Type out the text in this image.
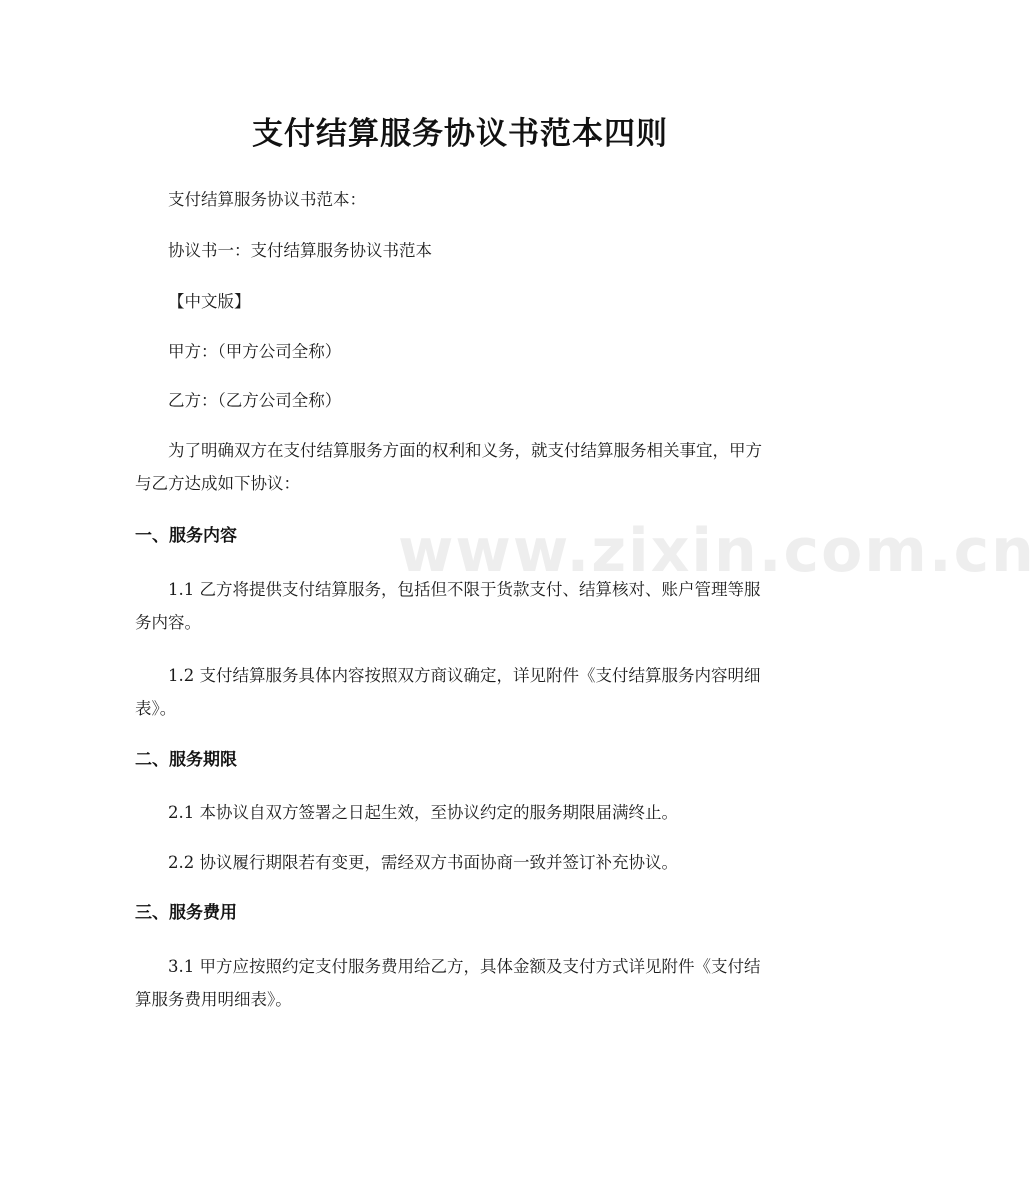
www.zixin.com.cn
支付结算服务协议书范本四则

支付结算服务协议书范本：

协议书一：支付结算服务协议书范本

【中文版】

甲方：（甲方公司全称）

乙方：（乙方公司全称）

为了明确双方在支付结算服务方面的权利和义务，就支付结算服务相关事宜，甲方与乙方达成如下协议：

一、服务内容

1.1 乙方将提供支付结算服务，包括但不限于货款支付、结算核对、账户管理等服务内容。

1.2 支付结算服务具体内容按照双方商议确定，详见附件《支付结算服务内容明细表》。

二、服务期限

2.1 本协议自双方签署之日起生效，至协议约定的服务期限届满终止。

2.2 协议履行期限若有变更，需经双方书面协商一致并签订补充协议。

三、服务费用

3.1 甲方应按照约定支付服务费用给乙方，具体金额及支付方式详见附件《支付结算服务费用明细表》。
